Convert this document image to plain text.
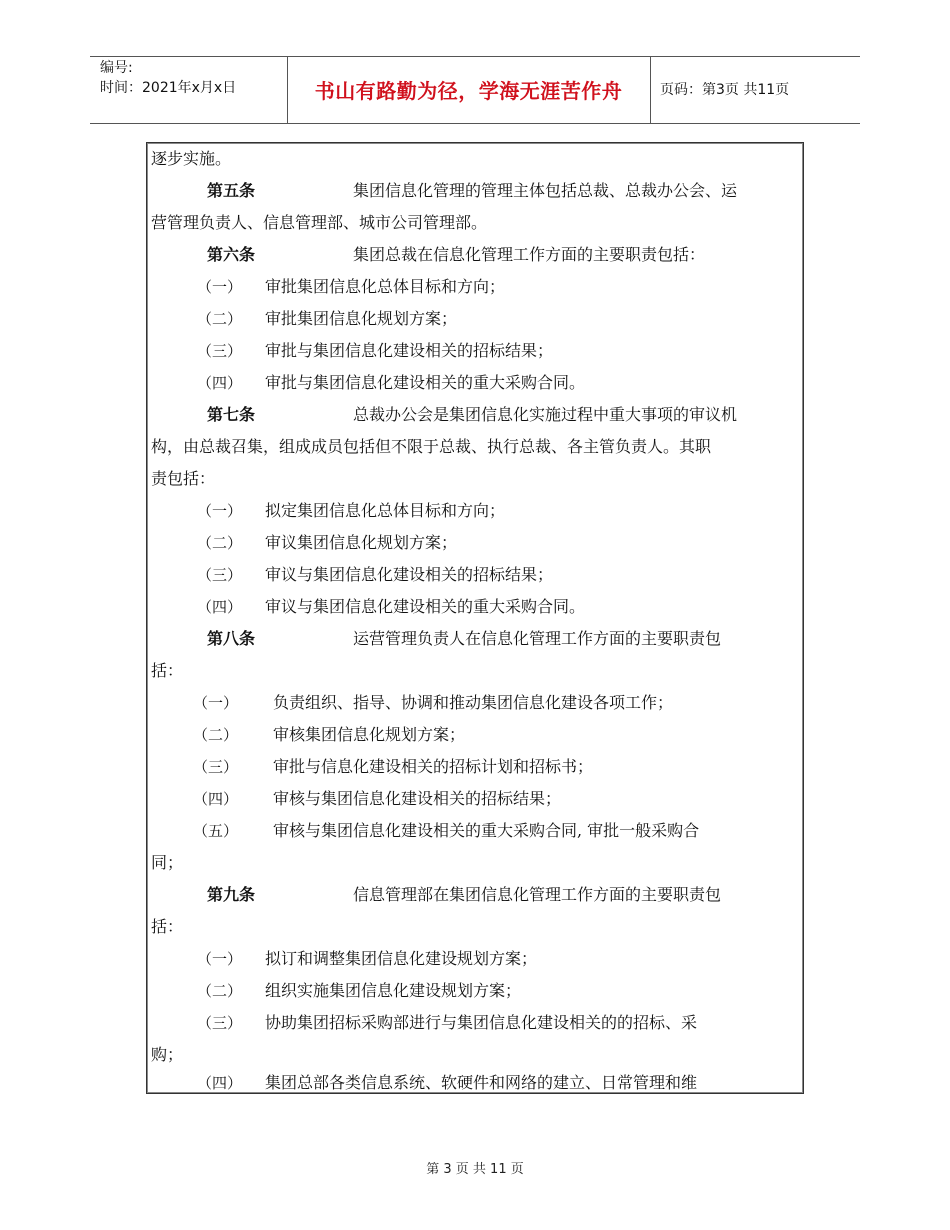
编号:
时间：2021年x月x日	书山有路勤为径，学海无涯苦作舟	页码：第3页 共11页
逐步实施。
第五条	集团信息化管理的管理主体包括总裁、总裁办公会、运
营管理负责人、信息管理部、城市公司管理部。
第六条	集团总裁在信息化管理工作方面的主要职责包括：
（一） 审批集团信息化总体目标和方向；
（二） 审批集团信息化规划方案；
（三） 审批与集团信息化建设相关的招标结果；
（四） 审批与集团信息化建设相关的重大采购合同。
第七条	总裁办公会是集团信息化实施过程中重大事项的审议机
构，由总裁召集，组成成员包括但不限于总裁、执行总裁、各主管负责人。其职
责包括：
（一） 拟定集团信息化总体目标和方向；
（二） 审议集团信息化规划方案；
（三） 审议与集团信息化建设相关的招标结果；
（四） 审议与集团信息化建设相关的重大采购合同。
第八条	运营管理负责人在信息化管理工作方面的主要职责包
括：
（一） 负责组织、指导、协调和推动集团信息化建设各项工作；
（二） 审核集团信息化规划方案；
（三） 审批与信息化建设相关的招标计划和招标书；
（四） 审核与集团信息化建设相关的招标结果；
（五） 审核与集团信息化建设相关的重大采购合同, 审批一般采购合
同；
第九条	信息管理部在集团信息化管理工作方面的主要职责包
括：
（一） 拟订和调整集团信息化建设规划方案；
（二） 组织实施集团信息化建设规划方案；
（三） 协助集团招标采购部进行与集团信息化建设相关的的招标、采
购；
（四） 集团总部各类信息系统、软硬件和网络的建立、日常管理和维
第 3 页 共 11 页
